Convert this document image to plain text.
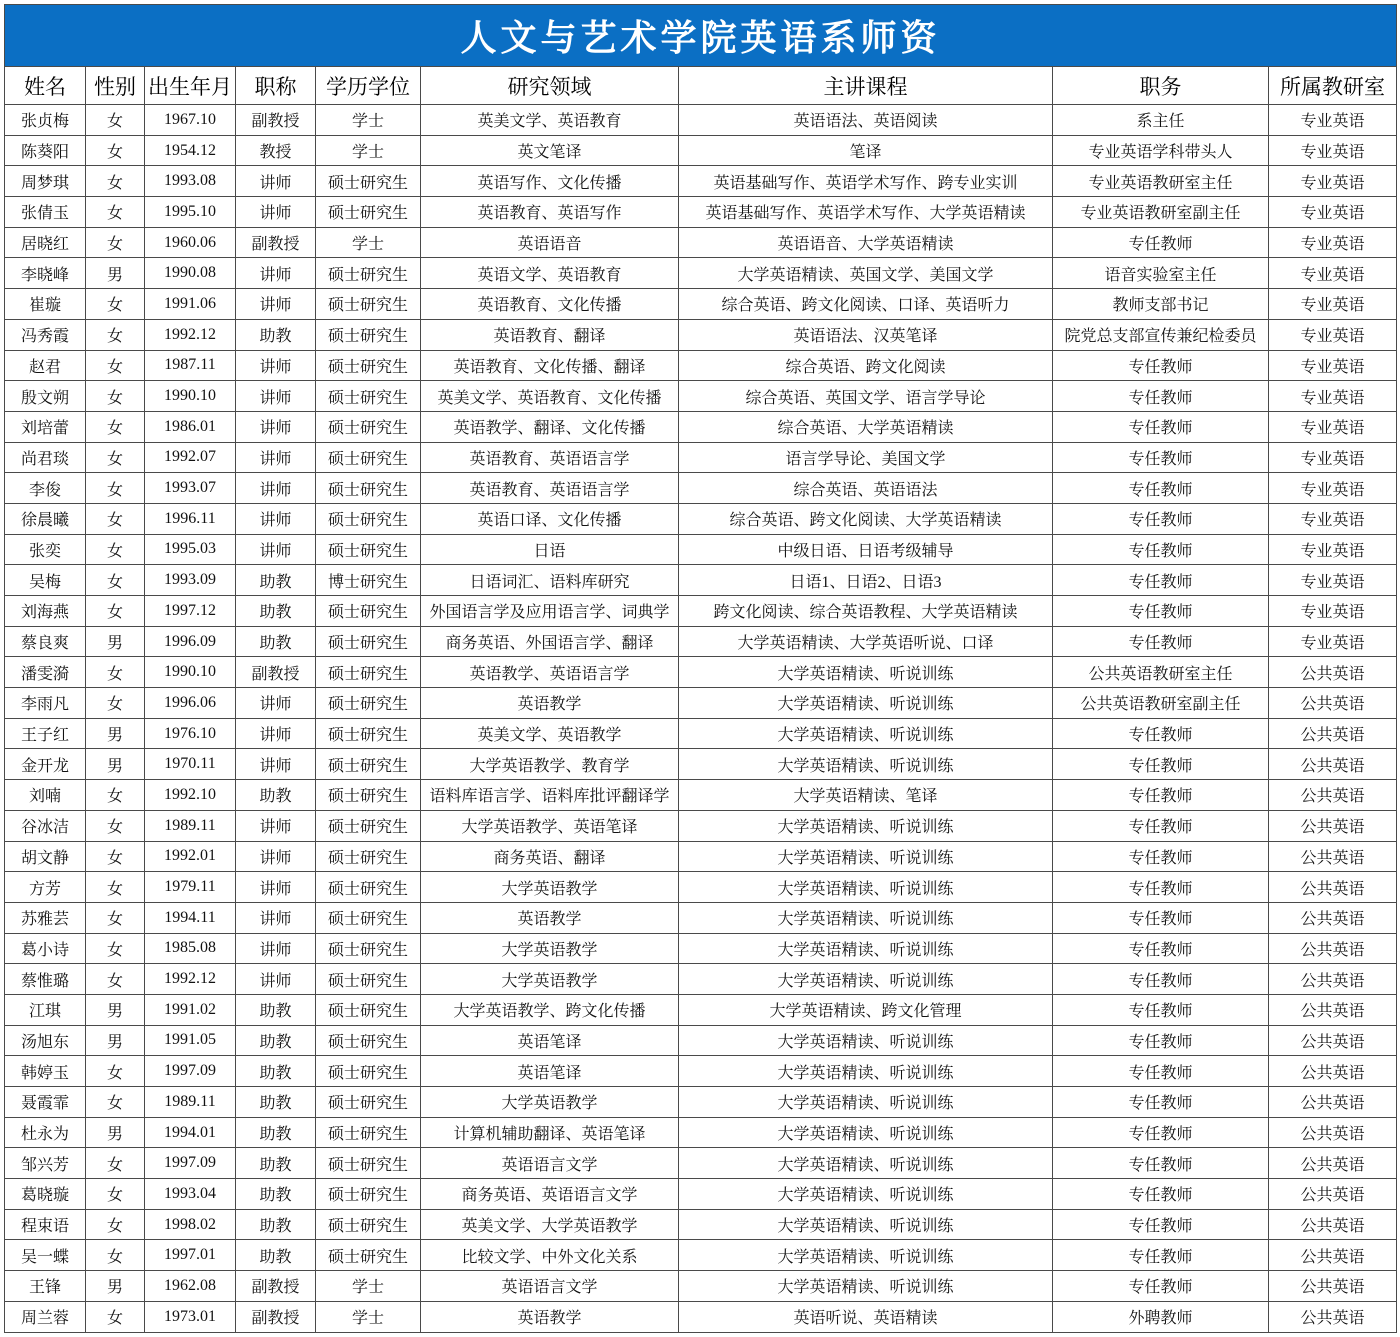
人文与艺术学院英语系师资
姓名	性别 出生年月	职称	学历学位	研究领域	主讲课程	职务	所属教研室
张贞梅	女	1967.10	副教授	学士	英美文学、英语教育	英语语法、英语阅读	系主任	专业英语
陈葵阳	女	1954.12	教授	学士	英文笔译	笔译	专业英语学科带头人	专业英语
周梦琪	女	1993.08	讲师	硕士研究生	英语写作、文化传播	英语基础写作、英语学术写作、跨专业实训	专业英语教研室主任	专业英语
张倩玉	女	1995.10	讲师	硕士研究生	英语教育、英语写作	英语基础写作、英语学术写作、大学英语精读	专业英语教研室副主任	专业英语
居晓红	女	1960.06	副教授	学士	英语语音	英语语音、大学英语精读	专任教师	专业英语
李晓峰	男	1990.08	讲师	硕士研究生	英语文学、英语教育	大学英语精读、英国文学、美国文学	语音实验室主任	专业英语
崔璇	女	1991.06	讲师	硕士研究生	英语教育、文化传播	综合英语、跨文化阅读、口译、英语听力	教师支部书记	专业英语
冯秀霞	女	1992.12	助教	硕士研究生	英语教育、翻译	英语语法、汉英笔译	院党总支部宣传兼纪检委员	专业英语
赵君	女	1987.11	讲师	硕士研究生	英语教育、文化传播、翻译	综合英语、跨文化阅读	专任教师	专业英语
殷文朔	女	1990.10	讲师	硕士研究生	英美文学、英语教育、文化传播	综合英语、英国文学、语言学导论	专任教师	专业英语
刘培蕾	女	1986.01	讲师	硕士研究生	英语教学、翻译、文化传播	综合英语、大学英语精读	专任教师	专业英语
尚君琰	女	1992.07	讲师	硕士研究生	英语教育、英语语言学	语言学导论、美国文学	专任教师	专业英语
李俊	女	1993.07	讲师	硕士研究生	英语教育、英语语言学	综合英语、英语语法	专任教师	专业英语
徐晨曦	女	1996.11	讲师	硕士研究生	英语口译、文化传播	综合英语、跨文化阅读、大学英语精读	专任教师	专业英语
张奕	女	1995.03	讲师	硕士研究生	日语	中级日语、日语考级辅导	专任教师	专业英语
吴梅	女	1993.09	助教	博士研究生	日语词汇、语料库研究	日语1、日语2、日语3	专任教师	专业英语
刘海燕	女	1997.12	助教	硕士研究生	外国语言学及应用语言学、词典学	跨文化阅读、综合英语教程、大学英语精读	专任教师	专业英语
蔡良爽	男	1996.09	助教	硕士研究生	商务英语、外国语言学、翻译	大学英语精读、大学英语听说、口译	专任教师	专业英语
潘雯漪	女	1990.10	副教授	硕士研究生	英语教学、英语语言学	大学英语精读、听说训练	公共英语教研室主任	公共英语
李雨凡	女	1996.06	讲师	硕士研究生	英语教学	大学英语精读、听说训练	公共英语教研室副主任	公共英语
王子红	男	1976.10	讲师	硕士研究生	英美文学、英语教学	大学英语精读、听说训练	专任教师	公共英语
金开龙	男	1970.11	讲师	硕士研究生	大学英语教学、教育学	大学英语精读、听说训练	专任教师	公共英语
刘喃	女	1992.10	助教	硕士研究生	语料库语言学、语料库批评翻译学	大学英语精读、笔译	专任教师	公共英语
谷冰洁	女	1989.11	讲师	硕士研究生	大学英语教学、英语笔译	大学英语精读、听说训练	专任教师	公共英语
胡文静	女	1992.01	讲师	硕士研究生	商务英语、翻译	大学英语精读、听说训练	专任教师	公共英语
方芳	女	1979.11	讲师	硕士研究生	大学英语教学	大学英语精读、听说训练	专任教师	公共英语
苏雅芸	女	1994.11	讲师	硕士研究生	英语教学	大学英语精读、听说训练	专任教师	公共英语
葛小诗	女	1985.08	讲师	硕士研究生	大学英语教学	大学英语精读、听说训练	专任教师	公共英语
蔡惟璐	女	1992.12	讲师	硕士研究生	大学英语教学	大学英语精读、听说训练	专任教师	公共英语
江琪	男	1991.02	助教	硕士研究生	大学英语教学、跨文化传播	大学英语精读、跨文化管理	专任教师	公共英语
汤旭东	男	1991.05	助教	硕士研究生	英语笔译	大学英语精读、听说训练	专任教师	公共英语
韩婷玉	女	1997.09	助教	硕士研究生	英语笔译	大学英语精读、听说训练	专任教师	公共英语
聂霞霏	女	1989.11	助教	硕士研究生	大学英语教学	大学英语精读、听说训练	专任教师	公共英语
杜永为	男	1994.01	助教	硕士研究生	计算机辅助翻译、英语笔译	大学英语精读、听说训练	专任教师	公共英语
邹兴芳	女	1997.09	助教	硕士研究生	英语语言文学	大学英语精读、听说训练	专任教师	公共英语
葛晓璇	女	1993.04	助教	硕士研究生	商务英语、英语语言文学	大学英语精读、听说训练	专任教师	公共英语
程束语	女	1998.02	助教	硕士研究生	英美文学、大学英语教学	大学英语精读、听说训练	专任教师	公共英语
吴一蝶	女	1997.01	助教	硕士研究生	比较文学、中外文化关系	大学英语精读、听说训练	专任教师	公共英语
王锋	男	1962.08	副教授	学士	英语语言文学	大学英语精读、听说训练	专任教师	公共英语
周兰蓉	女	1973.01	副教授	学士	英语教学	英语听说、英语精读	外聘教师	公共英语
